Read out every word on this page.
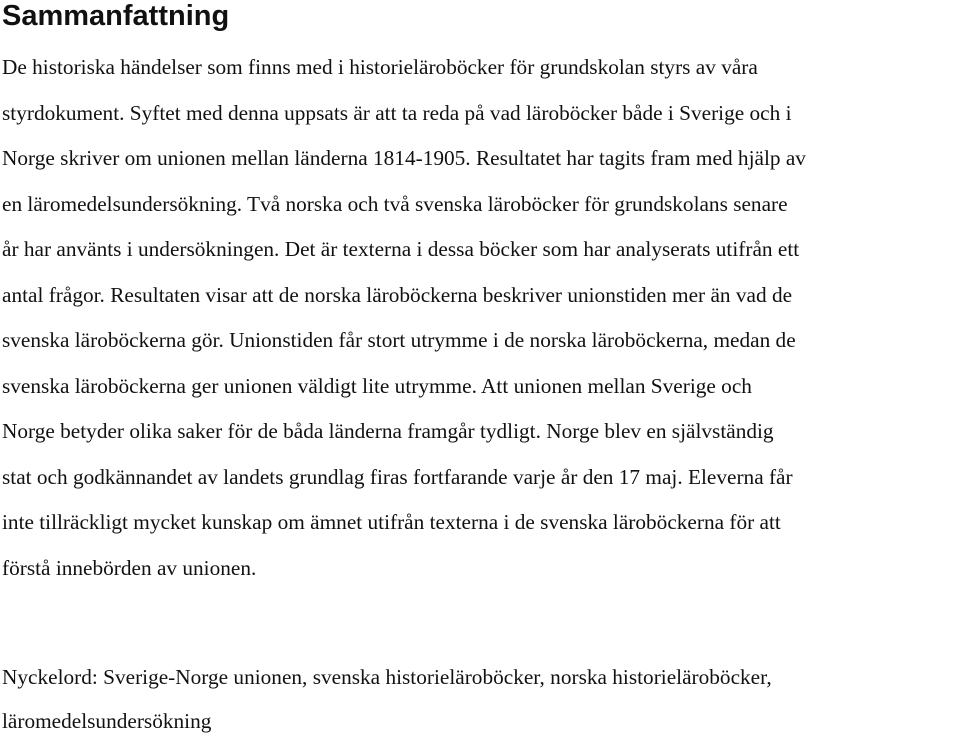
Sammanfattning
De historiska händelser som finns med i historieläroböcker för grundskolan styrs av våra
styrdokument. Syftet med denna uppsats är att ta reda på vad läroböcker både i Sverige och i
Norge skriver om unionen mellan länderna 1814-1905. Resultatet har tagits fram med hjälp av
en läromedelsundersökning. Två norska och två svenska läroböcker för grundskolans senare
år har använts i undersökningen. Det är texterna i dessa böcker som har analyserats utifrån ett
antal frågor. Resultaten visar att de norska läroböckerna beskriver unionstiden mer än vad de
svenska läroböckerna gör. Unionstiden får stort utrymme i de norska läroböckerna, medan de
svenska läroböckerna ger unionen väldigt lite utrymme. Att unionen mellan Sverige och
Norge betyder olika saker för de båda länderna framgår tydligt. Norge blev en självständig
stat och godkännandet av landets grundlag firas fortfarande varje år den 17 maj. Eleverna får
inte tillräckligt mycket kunskap om ämnet utifrån texterna i de svenska läroböckerna för att
förstå innebörden av unionen.
Nyckelord: Sverige-Norge unionen, svenska historieläroböcker, norska historieläroböcker,
läromedelsundersökning
